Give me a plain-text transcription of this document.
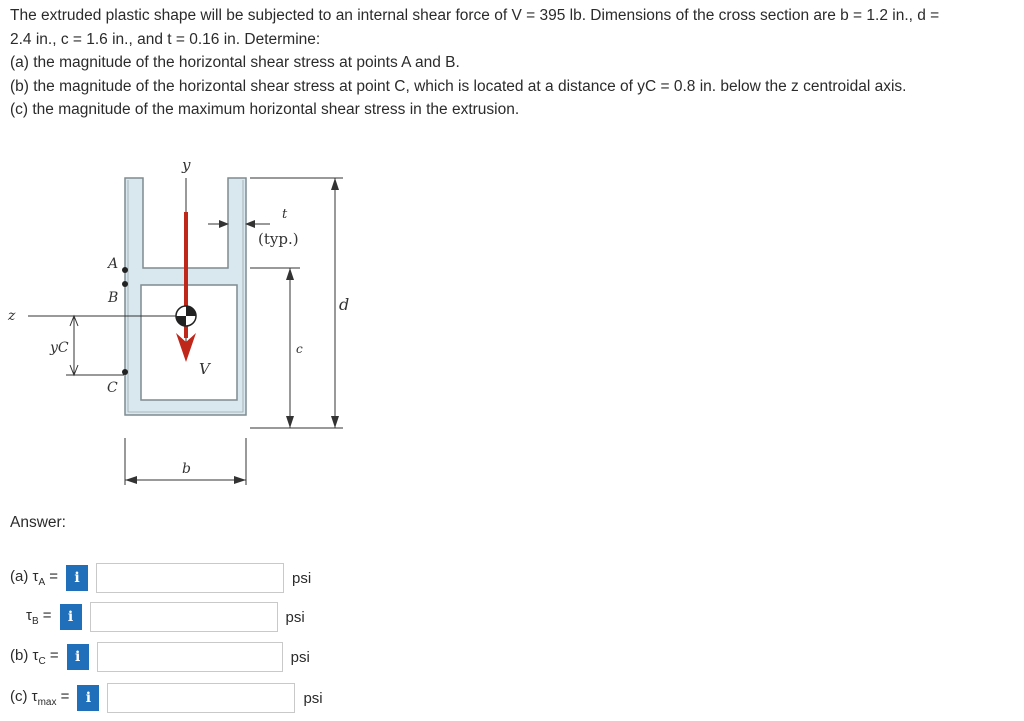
The extruded plastic shape will be subjected to an internal shear force of V = 395 lb. Dimensions of the cross section are b = 1.2 in., d =

2.4 in., c = 1.6 in., and t = 0.16 in. Determine:

(a) the magnitude of the horizontal shear stress at points A and B.

(b) the magnitude of the horizontal shear stress at point C, which is located at a distance of yC = 0.8 in. below the z centroidal axis.

(c) the magnitude of the maximum horizontal shear stress in the extrusion.

y
z
V
A
B
C
yC
t
(typ.)
c
d
b
Answer:
(a) $\tau_A$ =	i	psi
$\tau_B$ =	i	psi
(b) $\tau_C$ =	i	psi
(c) $\tau_{max}$ =	i	psi
